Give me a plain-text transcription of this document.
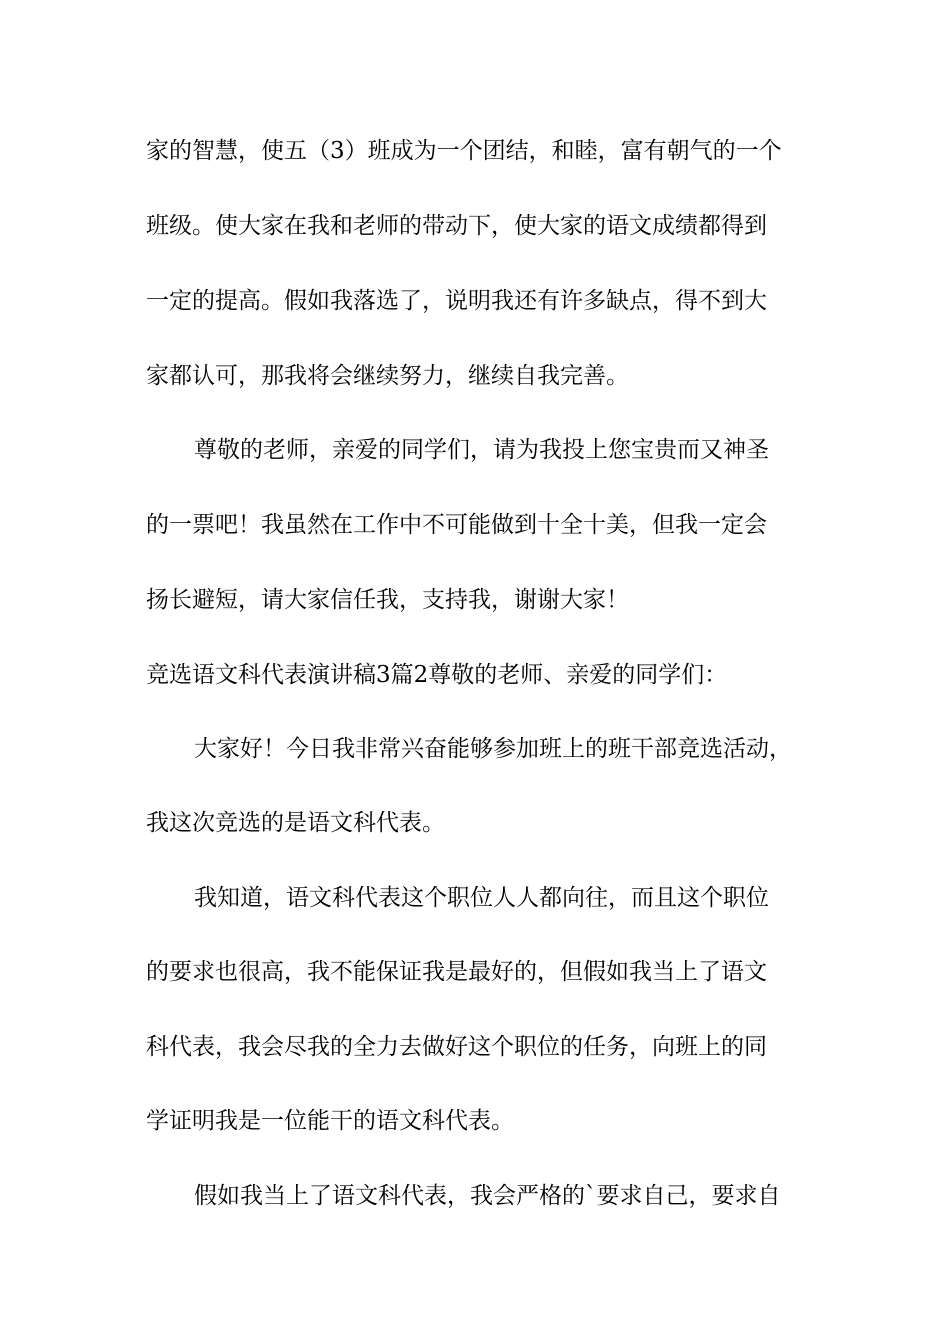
家的智慧，使五（3）班成为一个团结，和睦，富有朝气的一个
班级。使大家在我和老师的带动下，使大家的语文成绩都得到
一定的提高。假如我落选了，说明我还有许多缺点，得不到大
家都认可，那我将会继续努力，继续自我完善。
尊敬的老师，亲爱的同学们，请为我投上您宝贵而又神圣
的一票吧！我虽然在工作中不可能做到十全十美，但我一定会
扬长避短，请大家信任我，支持我，谢谢大家！
竞选语文科代表演讲稿3篇2尊敬的老师、亲爱的同学们：
大家好！今日我非常兴奋能够参加班上的班干部竞选活动，
我这次竞选的是语文科代表。
我知道，语文科代表这个职位人人都向往，而且这个职位
的要求也很高，我不能保证我是最好的，但假如我当上了语文
科代表，我会尽我的全力去做好这个职位的任务，向班上的同
学证明我是一位能干的语文科代表。
假如我当上了语文科代表，我会严格的`要求自己，要求自
